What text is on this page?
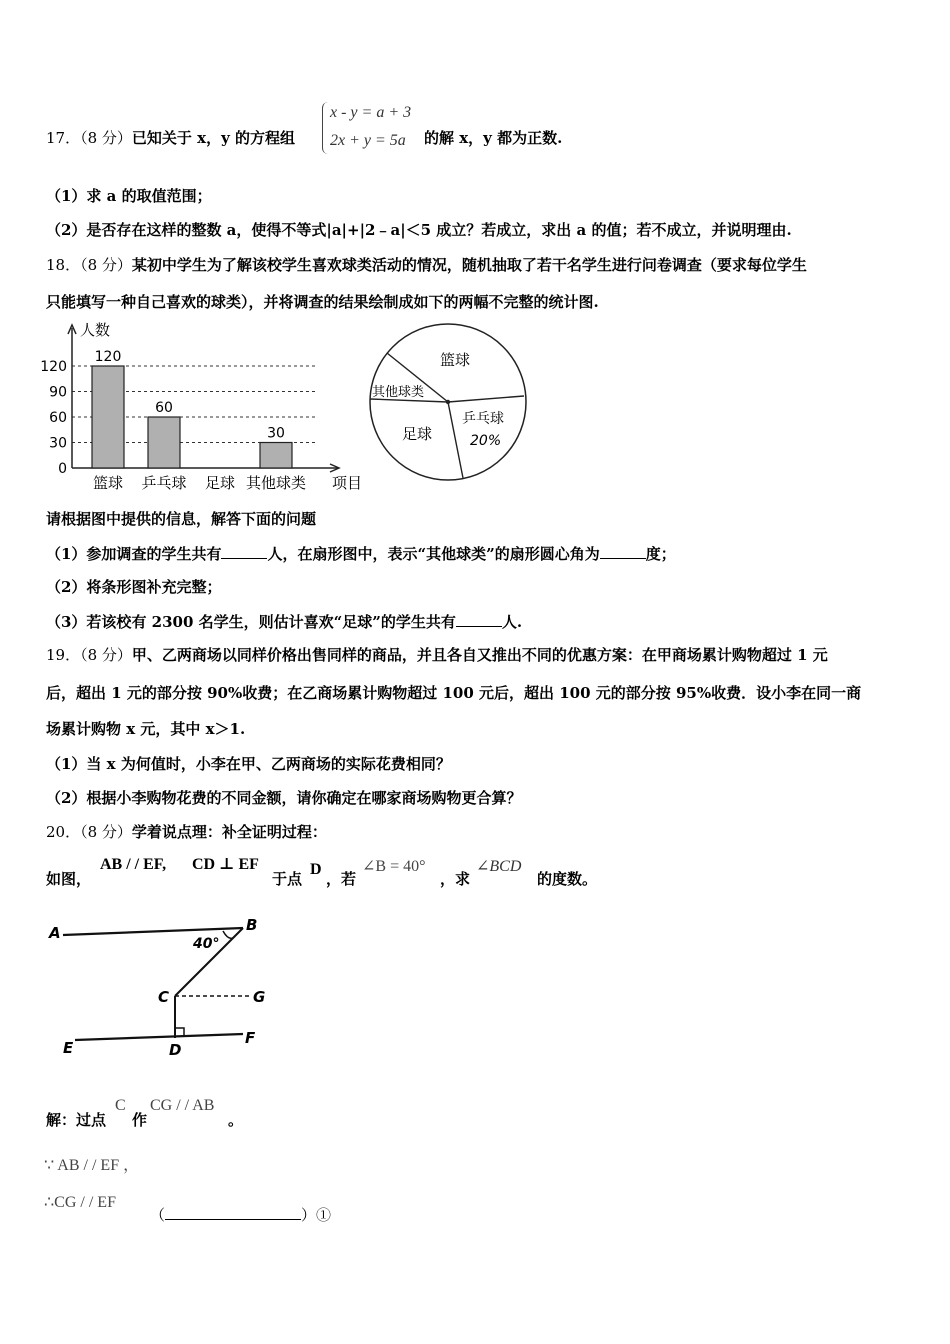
17．（8 分）已知关于 x，y 的方程组
x - y = a + 3
2x + y = 5a 的解 x，y 都为正数.
（1）求 a 的取值范围；
（2）是否存在这样的整数 a，使得不等式|a|+|2﹣a|＜5 成立？若成立，求出 a 的值；若不成立，并说明理由.
18．（8 分）某初中学生为了解该校学生喜欢球类活动的情况，随机抽取了若干名学生进行问卷调查（要求每位学生
只能填写一种自己喜欢的球类），并将调查的结果绘制成如下的两幅不完整的统计图.
0
30
60
90
120
人数
项目
120
篮球
60
乒乓球 足球
30
其他球类
篮球
其他球类
足球
乒乓球
20%
请根据图中提供的信息，解答下面的问题
（1）参加调查的学生共有	人，在扇形图中，表示“其他球类”的扇形圆心角为	度；
（2）将条形图补充完整；
（3）若该校有 2300 名学生，则估计喜欢“足球”的学生共有	人.
19．（8 分）甲、乙两商场以同样价格出售同样的商品，并且各自又推出不同的优惠方案：在甲商场累计购物超过 1 元
后，超出 1 元的部分按 90%收费；在乙商场累计购物超过 100 元后，超出 100 元的部分按 95%收费．设小李在同一商
场累计购物 x 元，其中 x＞1.
（1）当 x 为何值时，小李在甲、乙两商场的实际花费相同？
（2）根据小李购物花费的不同金额，请你确定在哪家商场购物更合算？
20．（8 分）学着说点理：补全证明过程：
如图，
AB / / EF, CD ⊥ EF
于点
D
，若
∠B = 40°
，求
∠BCD
的度数。
A	B
40°
C	G
E	D
F
解：过点
C
作
CG / / AB
。
∵ AB / / EF ，
∴CG / / EF
（	）①
